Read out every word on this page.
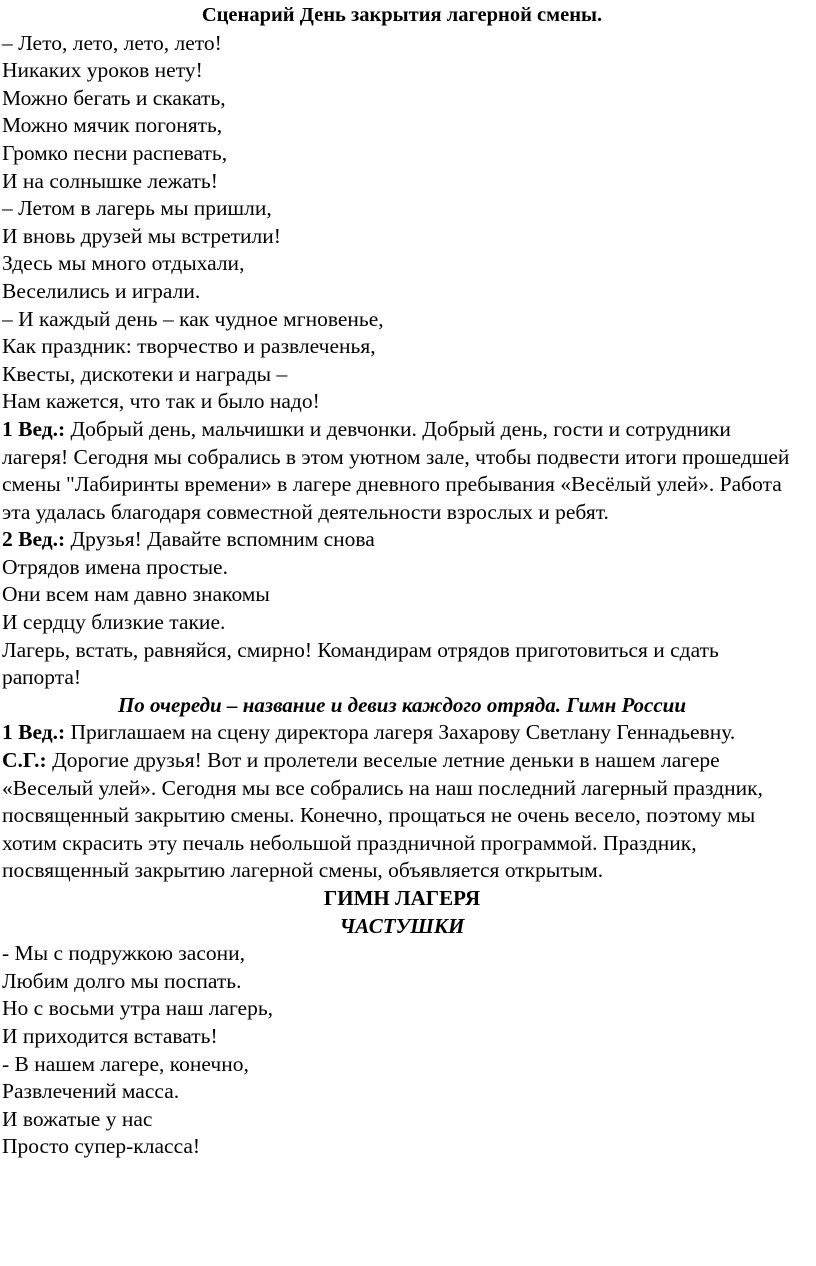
Сценарий День закрытия лагерной смены.
– Лето, лето, лето, лето!
Никаких уроков нету!
Можно бегать и скакать,
Можно мячик погонять,
Громко песни распевать,
И на солнышке лежать!
– Летом в лагерь мы пришли,
И вновь друзей мы встретили!
Здесь мы много отдыхали,
Веселились и играли.
– И каждый день – как чудное мгновенье,
Как праздник: творчество и развлеченья,
Квесты, дискотеки и награды –
Нам кажется, что так и было надо!

1 Вед.: Добрый день, мальчишки и девчонки. Добрый день, гости и сотрудники лагеря! Сегодня мы собрались в этом уютном зале, чтобы подвести итоги прошедшей смены "Лабиринты времени» в лагере дневного пребывания «Весёлый улей». Работа эта удалась благодаря совместной деятельности взрослых и ребят.

2 Вед.: Друзья! Давайте вспомним снова
Отрядов имена простые.
Они всем нам давно знакомы
И сердцу близкие такие.

Лагерь, встать, равняйся, смирно! Командирам отрядов приготовиться и сдать рапорта!

По очереди – название и девиз каждого отряда. Гимн России

1 Вед.: Приглашаем на сцену директора лагеря Захарову Светлану Геннадьевну.

С.Г.: Дорогие друзья! Вот и пролетели веселые летние деньки в нашем лагере «Веселый улей». Сегодня мы все собрались на наш последний лагерный праздник, посвященный закрытию смены. Конечно, прощаться не очень весело, поэтому мы хотим скрасить эту печаль небольшой праздничной программой. Праздник, посвященный закрытию лагерной смены, объявляется открытым.

ГИМН ЛАГЕРЯ
ЧАСТУШКИ
- Мы с подружкою засони,
Любим долго мы поспать.
Но с восьми утра наш лагерь,
И приходится вставать!
- В нашем лагере, конечно,
Развлечений масса.
И вожатые у нас
Просто супер-класса!
